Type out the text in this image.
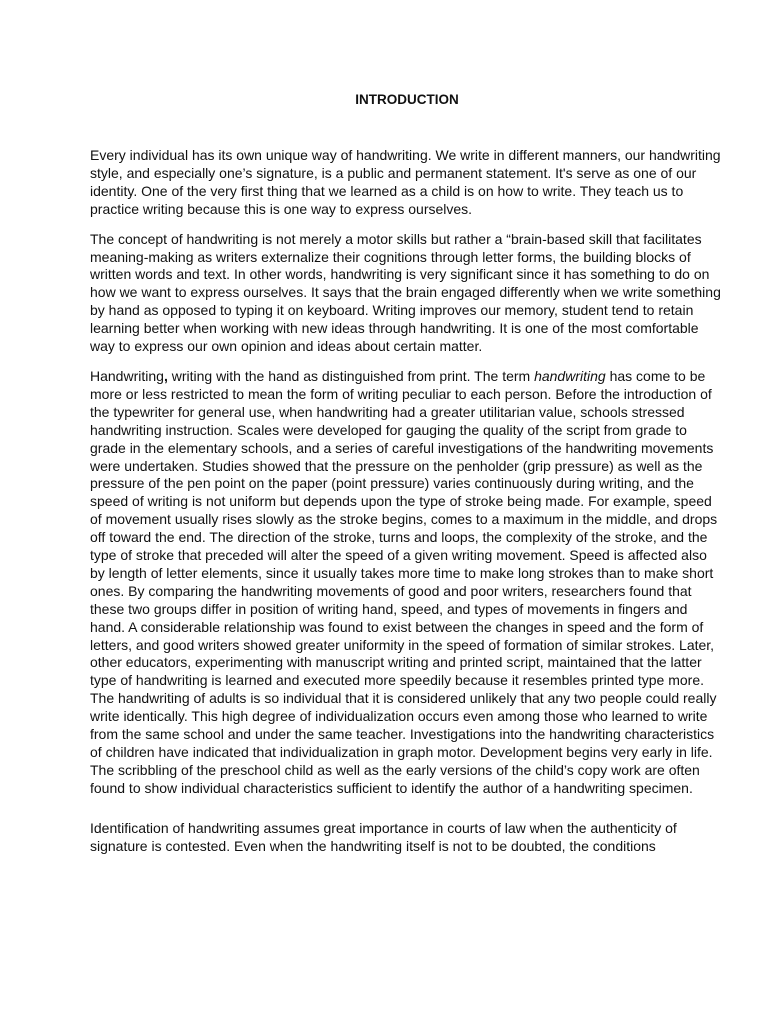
INTRODUCTION

Every individual has its own unique way of handwriting. We write in different manners, our handwriting style, and especially one’s signature, is a public and permanent statement. It's serve as one of our identity. One of the very first thing that we learned as a child is on how to write. They teach us to practice writing because this is one way to express ourselves.

The concept of handwriting is not merely a motor skills but rather a “brain-based skill that facilitates meaning-making as writers externalize their cognitions through letter forms, the building blocks of written words and text. In other words, handwriting is very significant since it has something to do on how we want to express ourselves. It says that the brain engaged differently when we write something by hand as opposed to typing it on keyboard. Writing improves our memory, student tend to retain learning better when working with new ideas through handwriting. It is one of the most comfortable way to express our own opinion and ideas about certain matter.

Handwriting, writing with the hand as distinguished from print. The term handwriting has come to be more or less restricted to mean the form of writing peculiar to each person. Before the introduction of the typewriter for general use, when handwriting had a greater utilitarian value, schools stressed handwriting instruction. Scales were developed for gauging the quality of the script from grade to grade in the elementary schools, and a series of careful investigations of the handwriting movements were undertaken. Studies showed that the pressure on the penholder (grip pressure) as well as the pressure of the pen point on the paper (point pressure) varies continuously during writing, and the speed of writing is not uniform but depends upon the type of stroke being made. For example, speed of movement usually rises slowly as the stroke begins, comes to a maximum in the middle, and drops off toward the end. The direction of the stroke, turns and loops, the complexity of the stroke, and the type of stroke that preceded will alter the speed of a given writing movement. Speed is affected also by length of letter elements, since it usually takes more time to make long strokes than to make short ones. By comparing the handwriting movements of good and poor writers, researchers found that these two groups differ in position of writing hand, speed, and types of movements in fingers and hand. A considerable relationship was found to exist between the changes in speed and the form of letters, and good writers showed greater uniformity in the speed of formation of similar strokes. Later, other educators, experimenting with manuscript writing and printed script, maintained that the latter type of handwriting is learned and executed more speedily because it resembles printed type more. The handwriting of adults is so individual that it is considered unlikely that any two people could really write identically. This high degree of individualization occurs even among those who learned to write from the same school and under the same teacher. Investigations into the handwriting characteristics of children have indicated that individualization in graph motor. Development begins very early in life. The scribbling of the preschool child as well as the early versions of the child’s copy work are often found to show individual characteristics sufficient to identify the author of a handwriting specimen.

Identification of handwriting assumes great importance in courts of law when the authenticity of signature is contested. Even when the handwriting itself is not to be doubted, the conditions
